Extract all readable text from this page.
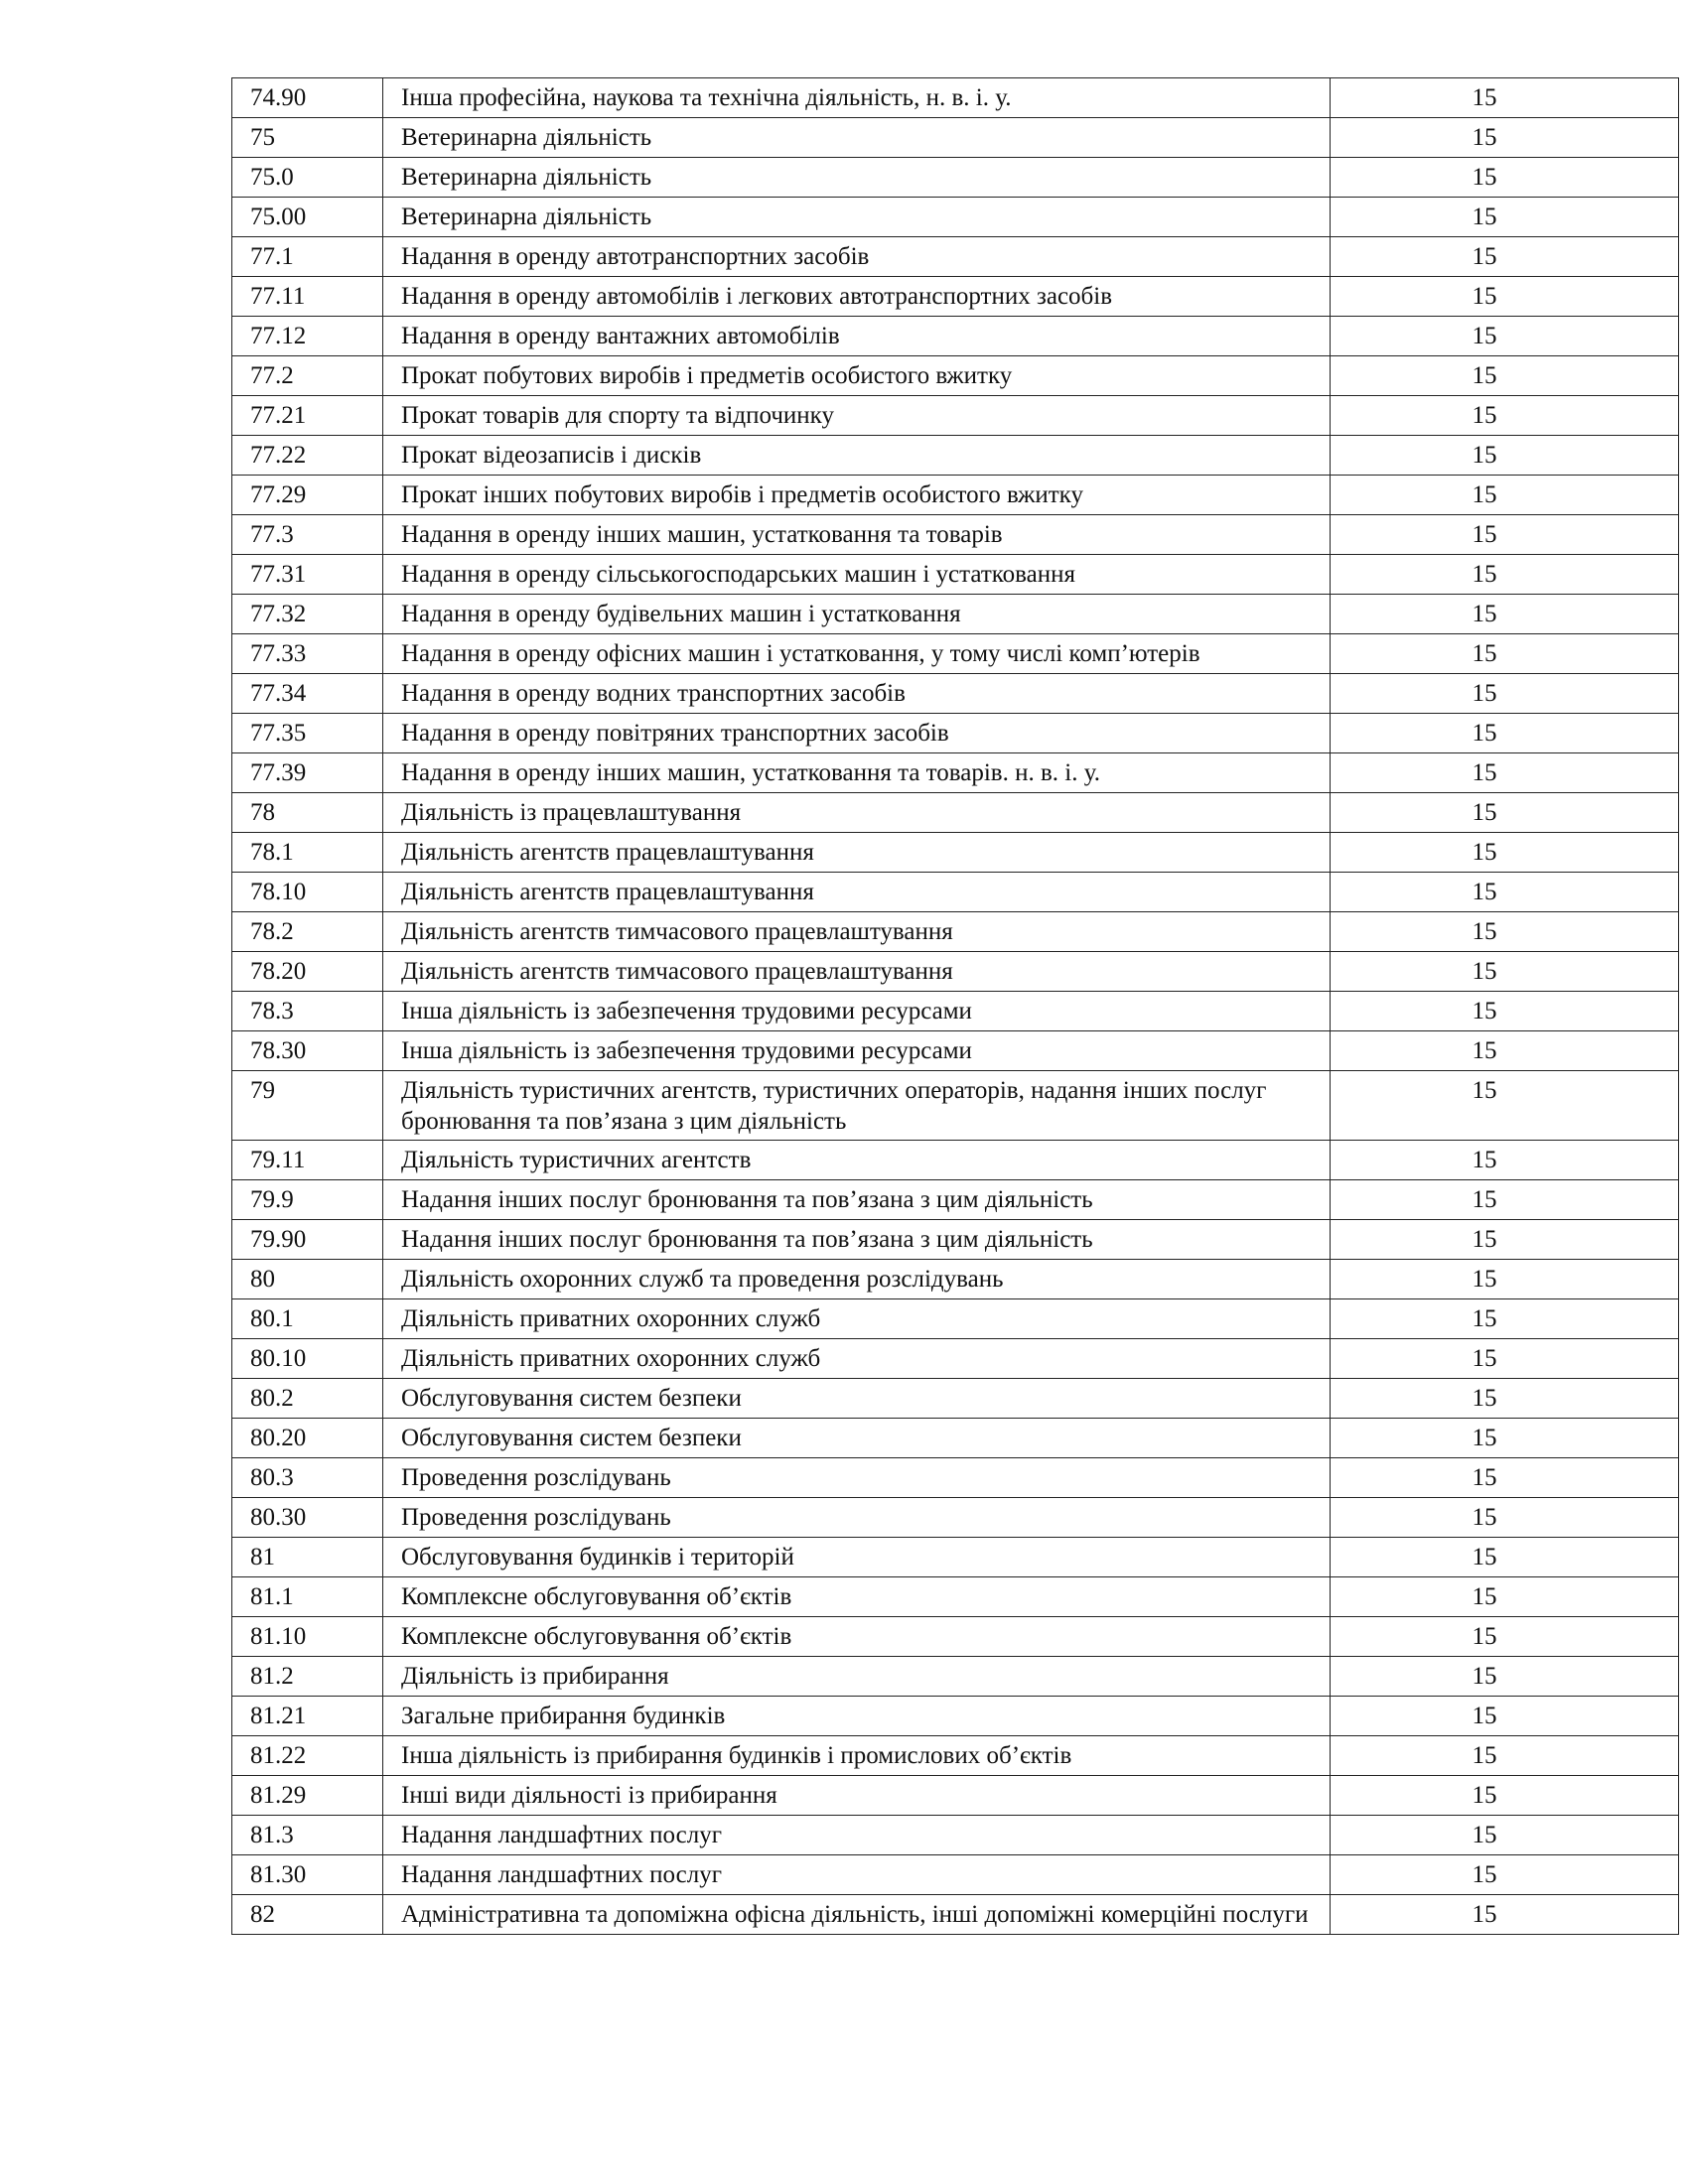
74.90	Інша професійна, наукова та технічна діяльність, н. в. і. у.	15
75	Ветеринарна діяльність	15
75.0	Ветеринарна діяльність	15
75.00	Ветеринарна діяльність	15
77.1	Надання в оренду автотранспортних засобів	15
77.11	Надання в оренду автомобілів і легкових автотранспортних засобів	15
77.12	Надання в оренду вантажних автомобілів	15
77.2	Прокат побутових виробів і предметів особистого вжитку	15
77.21	Прокат товарів для спорту та відпочинку	15
77.22	Прокат відеозаписів і дисків	15
77.29	Прокат інших побутових виробів і предметів особистого вжитку	15
77.3	Надання в оренду інших машин, устатковання та товарів	15
77.31	Надання в оренду сільськогосподарських машин і устатковання	15
77.32	Надання в оренду будівельних машин і устатковання	15
77.33	Надання в оренду офісних машин і устатковання, у тому числі комп’ютерів	15
77.34	Надання в оренду водних транспортних засобів	15
77.35	Надання в оренду повітряних транспортних засобів	15
77.39	Надання в оренду інших машин, устатковання та товарів. н. в. і. у.	15
78	Діяльність із працевлаштування	15
78.1	Діяльність агентств працевлаштування	15
78.10	Діяльність агентств працевлаштування	15
78.2	Діяльність агентств тимчасового працевлаштування	15
78.20	Діяльність агентств тимчасового працевлаштування	15
78.3	Інша діяльність із забезпечення трудовими ресурсами	15
78.30	Інша діяльність із забезпечення трудовими ресурсами	15
79	Діяльність туристичних агентств, туристичних операторів, надання інших послуг бронювання та пов’язана з цим діяльність	15
79.11	Діяльність туристичних агентств	15
79.9	Надання інших послуг бронювання та пов’язана з цим діяльність	15
79.90	Надання інших послуг бронювання та пов’язана з цим діяльність	15
80	Діяльність охоронних служб та проведення розслідувань	15
80.1	Діяльність приватних охоронних служб	15
80.10	Діяльність приватних охоронних служб	15
80.2	Обслуговування систем безпеки	15
80.20	Обслуговування систем безпеки	15
80.3	Проведення розслідувань	15
80.30	Проведення розслідувань	15
81	Обслуговування будинків і територій	15
81.1	Комплексне обслуговування об’єктів	15
81.10	Комплексне обслуговування об’єктів	15
81.2	Діяльність із прибирання	15
81.21	Загальне прибирання будинків	15
81.22	Інша діяльність із прибирання будинків і промислових об’єктів	15
81.29	Інші види діяльності із прибирання	15
81.3	Надання ландшафтних послуг	15
81.30	Надання ландшафтних послуг	15
82	Адміністративна та допоміжна офісна діяльність, інші допоміжні комерційні послуги	15
